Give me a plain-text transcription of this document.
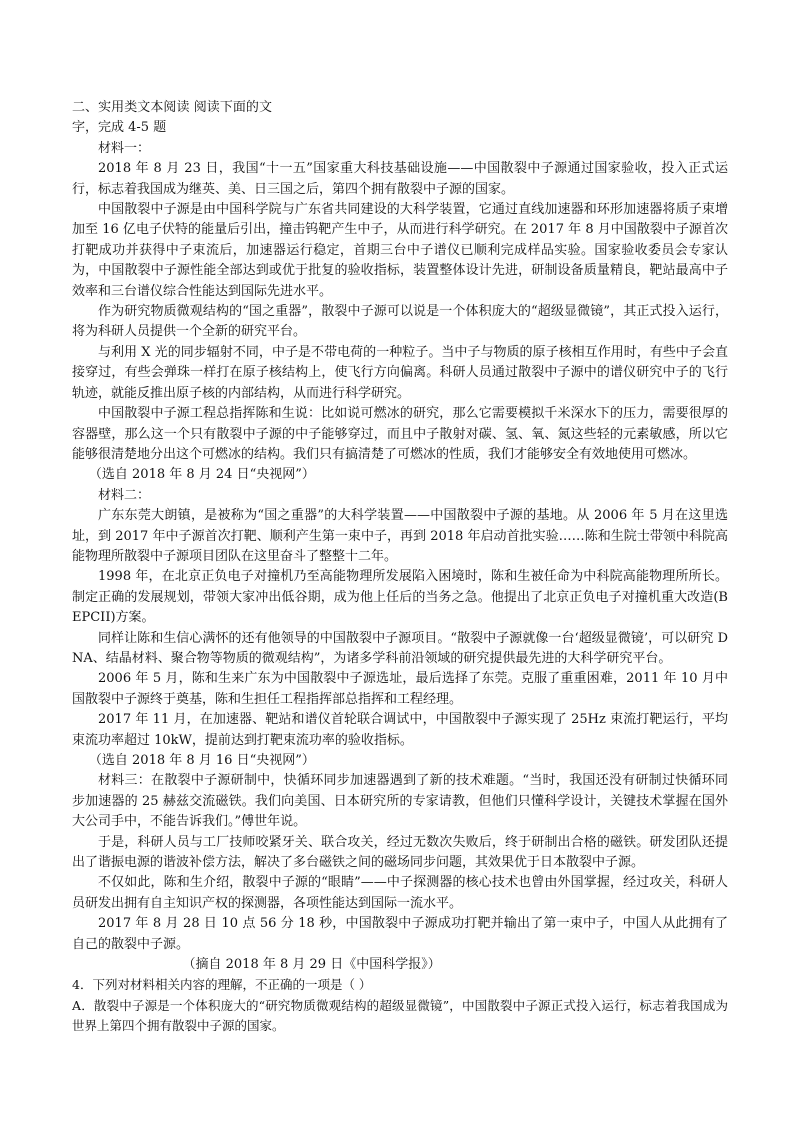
二、实用类文本阅读 阅读下面的文字，完成 4-5 题

材料一：

2018 年 8 月 23 日，我国“十一五”国家重大科技基础设施——中国散裂中子源通过国家验收，投入正式运行，标志着我国成为继英、美、日三国之后，第四个拥有散裂中子源的国家。

中国散裂中子源是由中国科学院与广东省共同建设的大科学装置，它通过直线加速器和环形加速器将质子束增加至 16 亿电子伏特的能量后引出，撞击钨靶产生中子，从而进行科学研究。在 2017 年 8 月中国散裂中子源首次打靶成功并获得中子束流后，加速器运行稳定，首期三台中子谱仪已顺利完成样品实验。国家验收委员会专家认为，中国散裂中子源性能全部达到或优于批复的验收指标，装置整体设计先进，研制设备质量精良，靶站最高中子效率和三台谱仪综合性能达到国际先进水平。

作为研究物质微观结构的“国之重器”，散裂中子源可以说是一个体积庞大的“超级显微镜”，其正式投入运行，将为科研人员提供一个全新的研究平台。

与利用 X 光的同步辐射不同，中子是不带电荷的一种粒子。当中子与物质的原子核相互作用时，有些中子会直接穿过，有些会弹珠一样打在原子核结构上，使飞行方向偏离。科研人员通过散裂中子源中的谱仪研究中子的飞行轨迹，就能反推出原子核的内部结构，从而进行科学研究。

中国散裂中子源工程总指挥陈和生说：比如说可燃冰的研究，那么它需要模拟千米深水下的压力，需要很厚的容器壁，那么这一个只有散裂中子源的中子能够穿过，而且中子散射对碳、氢、氧、氮这些轻的元素敏感，所以它能够很清楚地分出这个可燃冰的结构。我们只有搞清楚了可燃冰的性质，我们才能够安全有效地使用可燃冰。

（选自 2018 年 8 月 24 日“央视网”）

材料二：

广东东莞大朗镇，是被称为“国之重器”的大科学装置——中国散裂中子源的基地。从 2006 年 5 月在这里选址，到 2017 年中子源首次打靶、顺利产生第一束中子，再到 2018 年启动首批实验……陈和生院士带领中科院高能物理所散裂中子源项目团队在这里奋斗了整整十二年。

1998 年，在北京正负电子对撞机乃至高能物理所发展陷入困境时，陈和生被任命为中科院高能物理所所长。制定正确的发展规划，带领大家冲出低谷期，成为他上任后的当务之急。他提出了北京正负电子对撞机重大改造(BEPCII)方案。

同样让陈和生信心满怀的还有他领导的中国散裂中子源项目。“散裂中子源就像一台‘超级显微镜’，可以研究 DNA、结晶材料、聚合物等物质的微观结构”，为诸多学科前沿领域的研究提供最先进的大科学研究平台。

2006 年 5 月，陈和生来广东为中国散裂中子源选址，最后选择了东莞。克服了重重困难，2011 年 10 月中国散裂中子源终于奠基，陈和生担任工程指挥部总指挥和工程经理。

2017 年 11 月，在加速器、靶站和谱仪首轮联合调试中，中国散裂中子源实现了 25Hz 束流打靶运行，平均束流功率超过 10kW，提前达到打靶束流功率的验收指标。

（选自 2018 年 8 月 16 日“央视网”）

材料三：在散裂中子源研制中，快循环同步加速器遇到了新的技术难题。“当时，我国还没有研制过快循环同步加速器的 25 赫兹交流磁铁。我们向美国、日本研究所的专家请教，但他们只懂科学设计，关键技术掌握在国外大公司手中，不能告诉我们。”傅世年说。

于是，科研人员与工厂技师咬紧牙关、联合攻关，经过无数次失败后，终于研制出合格的磁铁。研发团队还提出了谐振电源的谐波补偿方法，解决了多台磁铁之间的磁场同步问题，其效果优于日本散裂中子源。

不仅如此，陈和生介绍，散裂中子源的“眼睛”——中子探测器的核心技术也曾由外国掌握，经过攻关，科研人员研发出拥有自主知识产权的探测器，各项性能达到国际一流水平。

2017 年 8 月 28 日 10 点 56 分 18 秒，中国散裂中子源成功打靶并输出了第一束中子，中国人从此拥有了自己的散裂中子源。

（摘自 2018 年 8 月 29 日《中国科学报》）

4．下列对材料相关内容的理解，不正确的一项是（ ）

A．散裂中子源是一个体积庞大的“研究物质微观结构的超级显微镜”，中国散裂中子源正式投入运行，标志着我国成为世界上第四个拥有散裂中子源的国家。
